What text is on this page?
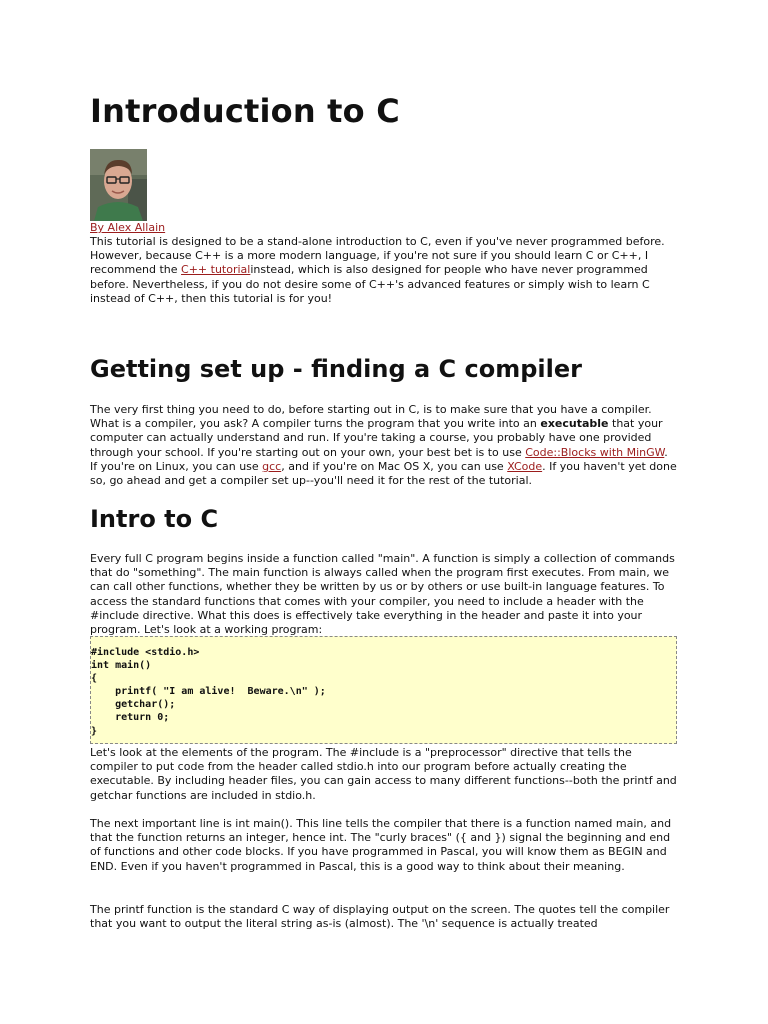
Introduction to C
By Alex Allain

This tutorial is designed to be a stand-alone introduction to C, even if you've never programmed before. However, because C++ is a more modern language, if you're not sure if you should learn C or C++, I recommend the C++ tutorialinstead, which is also designed for people who have never programmed before. Nevertheless, if you do not desire some of C++'s advanced features or simply wish to learn C instead of C++, then this tutorial is for you!

Getting set up - finding a C compiler

The very first thing you need to do, before starting out in C, is to make sure that you have a compiler. What is a compiler, you ask? A compiler turns the program that you write into an executable that your computer can actually understand and run. If you're taking a course, you probably have one provided through your school. If you're starting out on your own, your best bet is to use Code::Blocks with MinGW. If you're on Linux, you can use gcc, and if you're on Mac OS X, you can use XCode. If you haven't yet done so, go ahead and get a compiler set up--you'll need it for the rest of the tutorial.

Intro to C

Every full C program begins inside a function called "main". A function is simply a collection of commands that do "something". The main function is always called when the program first executes. From main, we can call other functions, whether they be written by us or by others or use built-in language features. To access the standard functions that comes with your compiler, you need to include a header with the #include directive. What this does is effectively take everything in the header and paste it into your program. Let's look at a working program:

#include <stdio.h>
int main()
{
printf( "I am alive!  Beware.\n" );
getchar();
return 0;
}

Let's look at the elements of the program. The #include is a "preprocessor" directive that tells the compiler to put code from the header called stdio.h into our program before actually creating the executable. By including header files, you can gain access to many different functions--both the printf and getchar functions are included in stdio.h.

The next important line is int main(). This line tells the compiler that there is a function named main, and that the function returns an integer, hence int. The "curly braces" ({ and }) signal the beginning and end of functions and other code blocks. If you have programmed in Pascal, you will know them as BEGIN and END. Even if you haven't programmed in Pascal, this is a good way to think about their meaning.

The printf function is the standard C way of displaying output on the screen. The quotes tell the compiler that you want to output the literal string as-is (almost). The '\n' sequence is actually treated
